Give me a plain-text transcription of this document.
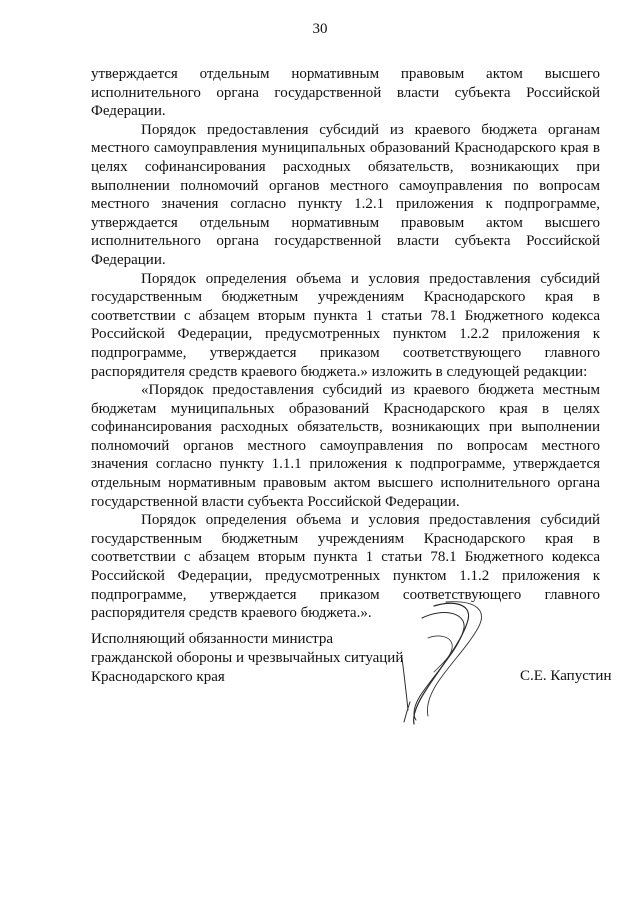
30

утверждается отдельным нормативным правовым актом высшего исполнительного органа государственной власти субъекта Российской Федерации.

Порядок предоставления субсидий из краевого бюджета органам местного самоуправления муниципальных образований Краснодарского края в целях софинансирования расходных обязательств, возникающих при выполнении полномочий органов местного самоуправления по вопросам местного значения согласно пункту 1.2.1 приложения к подпрограмме, утверждается отдельным нормативным правовым актом высшего исполнительного органа государственной власти субъекта Российской Федерации.

Порядок определения объема и условия предоставления субсидий государственным бюджетным учреждениям Краснодарского края в соответствии с абзацем вторым пункта 1 статьи 78.1 Бюджетного кодекса Российской Федерации, предусмотренных пунктом 1.2.2 приложения к подпрограмме, утверждается приказом соответствующего главного распорядителя средств краевого бюджета.» изложить в следующей редакции:

«Порядок предоставления субсидий из краевого бюджета местным бюджетам муниципальных образований Краснодарского края в целях софинансирования расходных обязательств, возникающих при выполнении полномочий органов местного самоуправления по вопросам местного значения согласно пункту 1.1.1 приложения к подпрограмме, утверждается отдельным нормативным правовым актом высшего исполнительного органа государственной власти субъекта Российской Федерации.

Порядок определения объема и условия предоставления субсидий государственным бюджетным учреждениям Краснодарского края в соответствии с абзацем вторым пункта 1 статьи 78.1 Бюджетного кодекса Российской Федерации, предусмотренных пунктом 1.1.2 приложения к подпрограмме, утверждается приказом соответствующего главного распорядителя средств краевого бюджета.».

Исполняющий обязанности министра
гражданской обороны и чрезвычайных ситуаций
Краснодарского края	С.Е. Капустин
